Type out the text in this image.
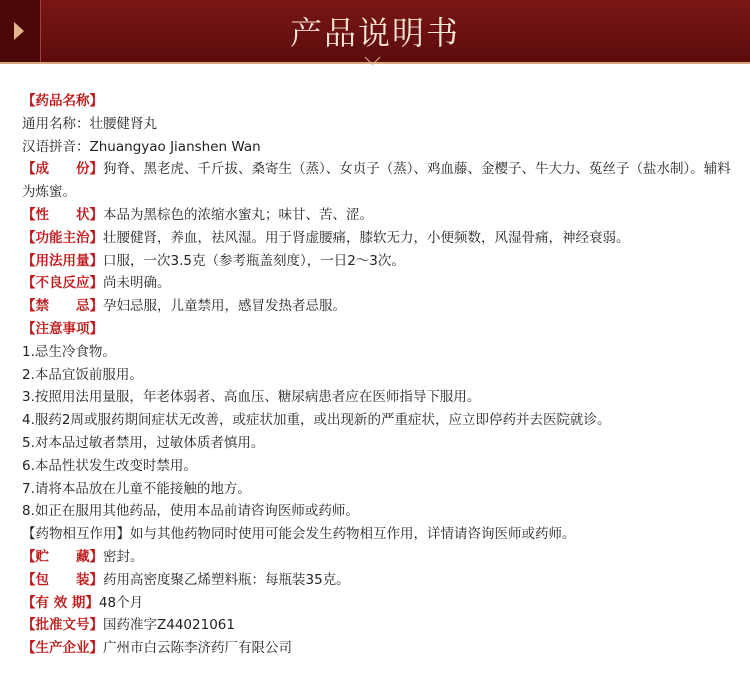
产品说明书
【药品名称】
通用名称：壮腰健肾丸
汉语拼音：Zhuangyao Jianshen Wan
【成　　份】狗脊、黑老虎、千斤拔、桑寄生（蒸）、女贞子（蒸）、鸡血藤、金樱子、牛大力、菟丝子（盐水制）。辅料为炼蜜。
【性　　状】本品为黑棕色的浓缩水蜜丸；味甘、苦、涩。
【功能主治】壮腰健肾，养血，祛风湿。用于肾虚腰痛，膝软无力，小便频数，风湿骨痛，神经衰弱。
【用法用量】口服，一次3.5克（参考瓶盖刻度），一日2～3次。
【不良反应】尚未明确。
【禁　　忌】孕妇忌服，儿童禁用，感冒发热者忌服。
【注意事项】
1.忌生冷食物。
2.本品宜饭前服用。
3.按照用法用量服，年老体弱者、高血压、糖尿病患者应在医师指导下服用。
4.服药2周或服药期间症状无改善，或症状加重，或出现新的严重症状，应立即停药并去医院就诊。
5.对本品过敏者禁用，过敏体质者慎用。
6.本品性状发生改变时禁用。
7.请将本品放在儿童不能接触的地方。
8.如正在服用其他药品，使用本品前请咨询医师或药师。
【药物相互作用】如与其他药物同时使用可能会发生药物相互作用，详情请咨询医师或药师。
【贮　　藏】密封。
【包　　装】药用高密度聚乙烯塑料瓶：每瓶装35克。
【有 效 期】48个月
【批准文号】国药准字Z44021061
【生产企业】广州市白云陈李济药厂有限公司
